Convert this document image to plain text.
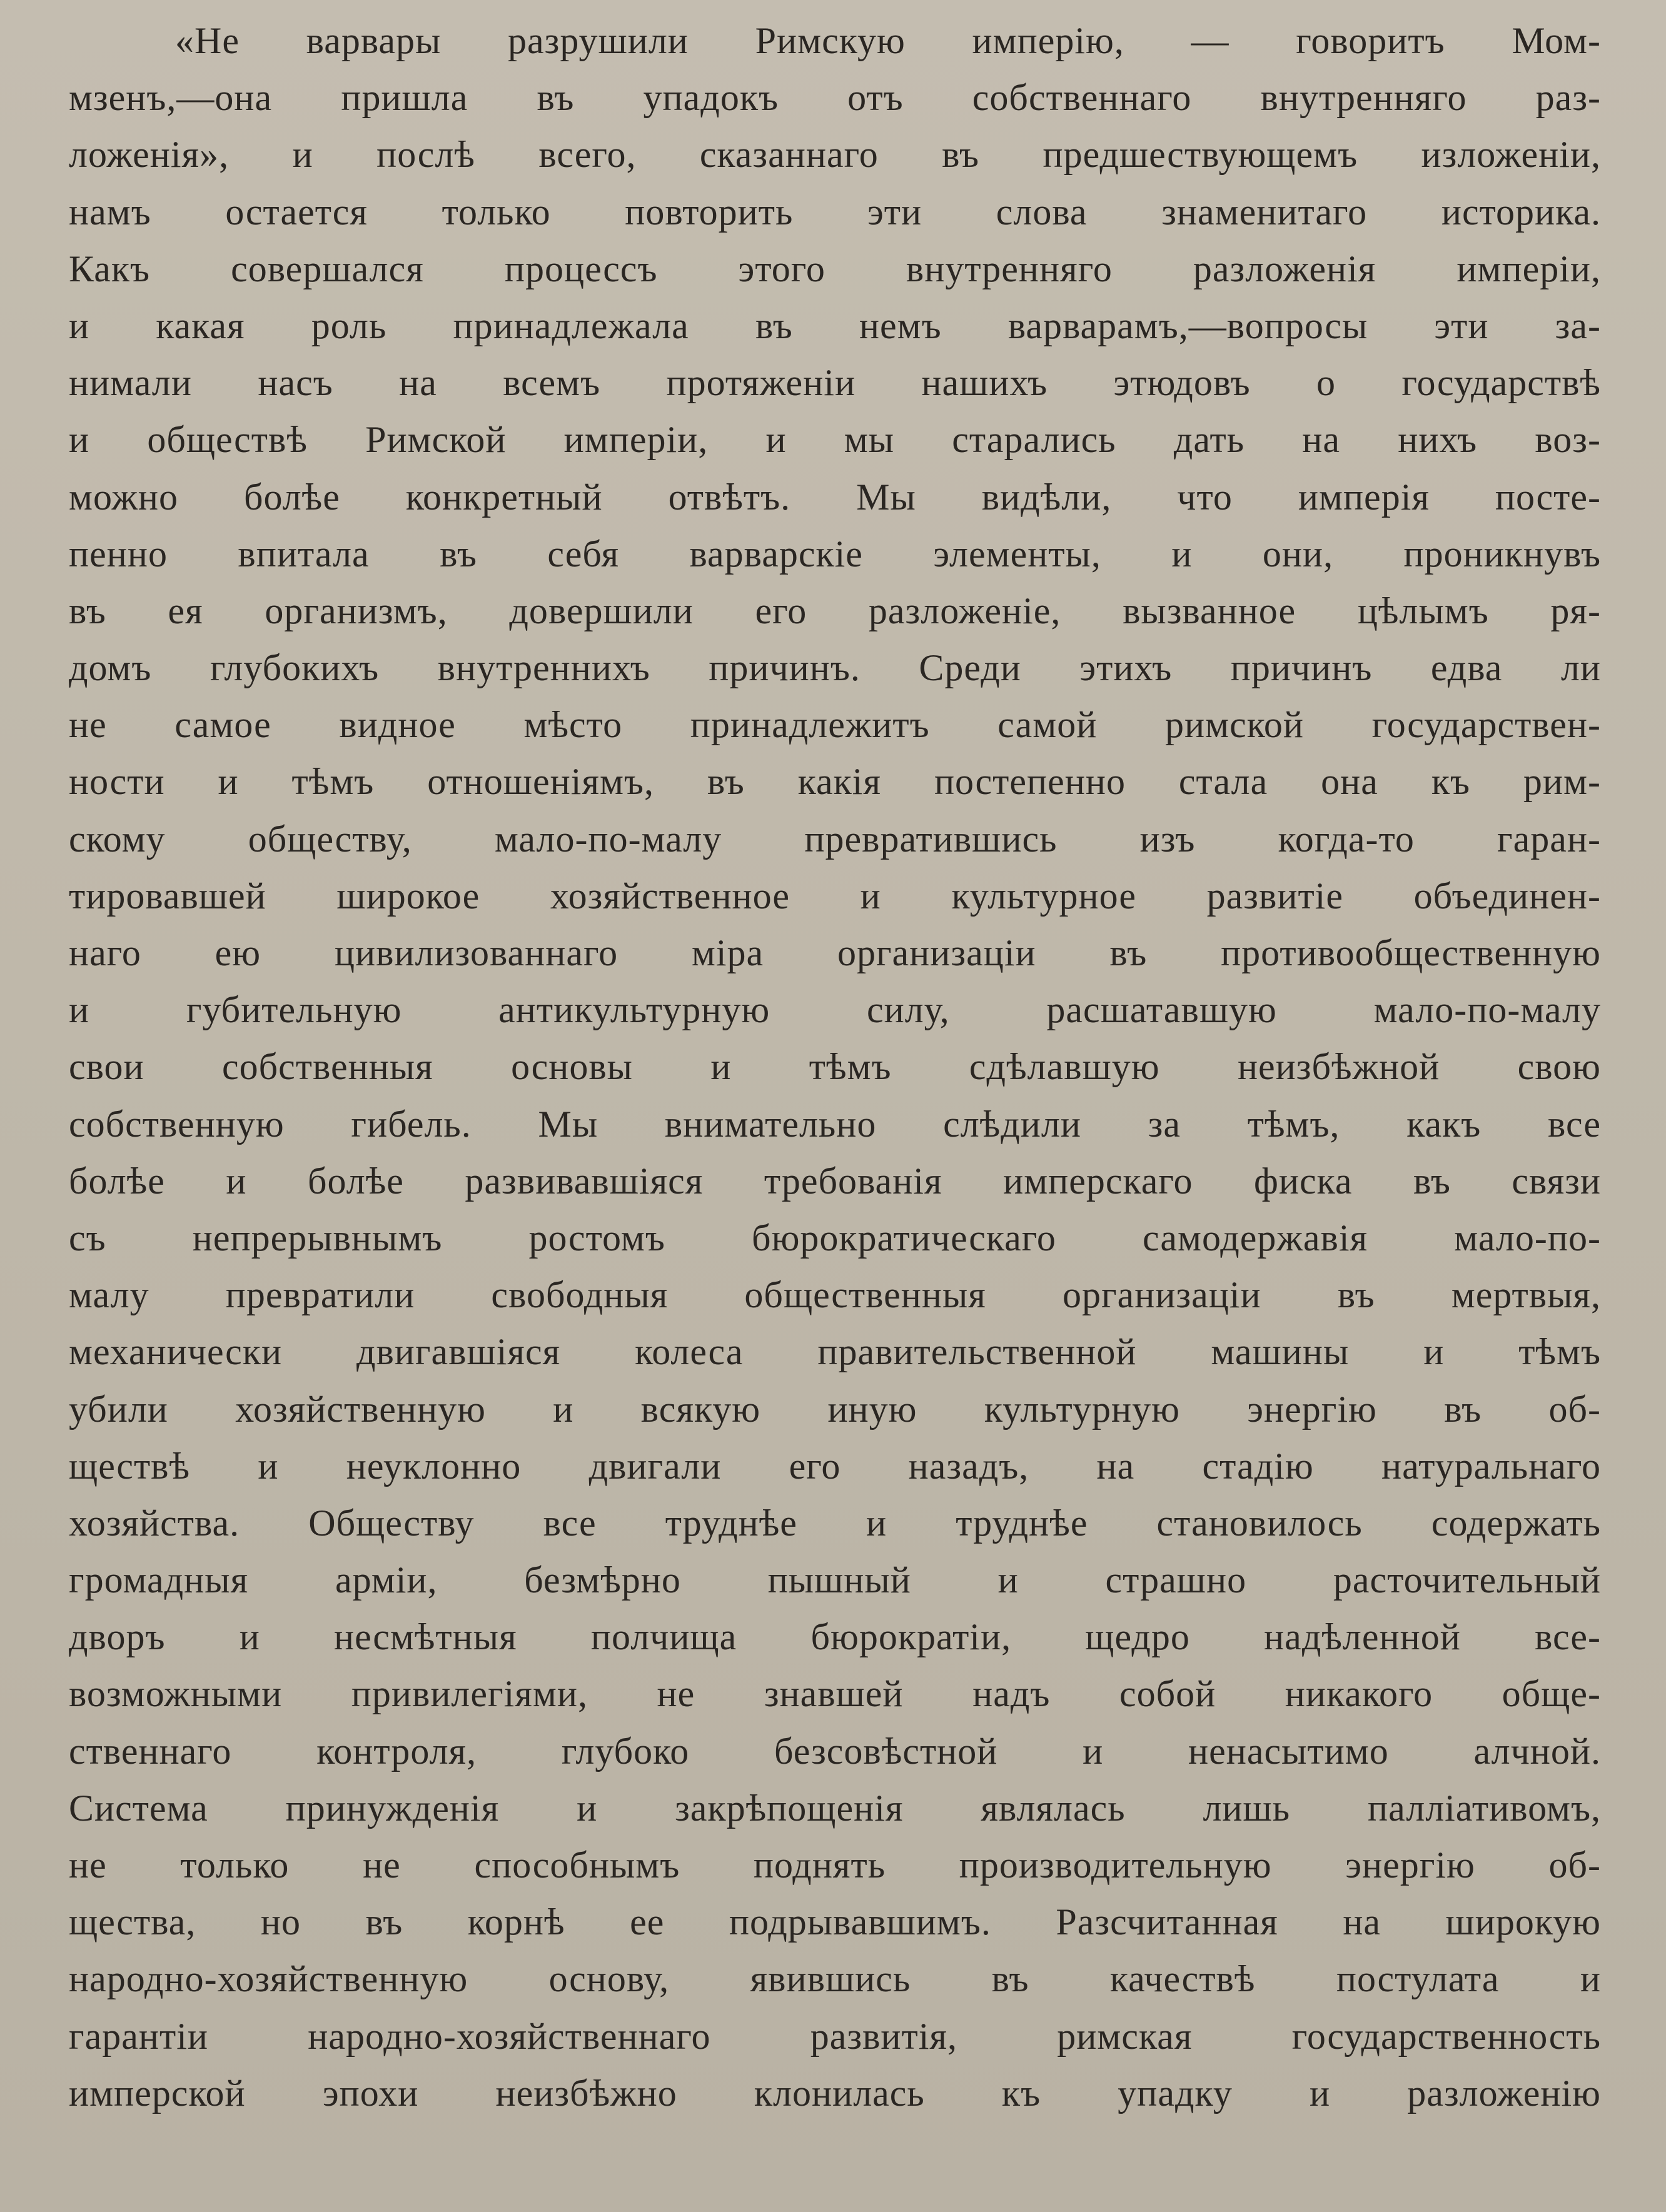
«Не варвары разрушили Римскую имперію, — говоритъ Мом-
мзенъ,—она пришла въ упадокъ отъ собственнаго внутренняго раз-
ложенія», и послѣ всего, сказаннаго въ предшествующемъ изложеніи,
намъ остается только повторить эти слова знаменитаго историка.
Какъ совершался процессъ этого внутренняго разложенія имперіи,
и какая роль принадлежала въ немъ варварамъ,—вопросы эти за-
нимали насъ на всемъ протяженіи нашихъ этюдовъ о государствѣ
и обществѣ Римской имперіи, и мы старались дать на нихъ воз-
можно болѣе конкретный отвѣтъ. Мы видѣли, что имперія посте-
пенно впитала въ себя варварскіе элементы, и они, проникнувъ
въ ея организмъ, довершили его разложеніе, вызванное цѣлымъ ря-
домъ глубокихъ внутреннихъ причинъ. Среди этихъ причинъ едва ли
не самое видное мѣсто принадлежитъ самой римской государствен-
ности и тѣмъ отношеніямъ, въ какія постепенно стала она къ рим-
скому обществу, мало-по-малу превратившись изъ когда-то гаран-
тировавшей широкое хозяйственное и культурное развитіе объединен-
наго ею цивилизованнаго міра организаціи въ противообщественную
и губительную антикультурную силу, расшатавшую мало-по-малу
свои собственныя основы и тѣмъ сдѣлавшую неизбѣжной свою
собственную гибель. Мы внимательно слѣдили за тѣмъ, какъ все
болѣе и болѣе развивавшіяся требованія имперскаго фиска въ связи
съ непрерывнымъ ростомъ бюрократическаго самодержавія мало-по-
малу превратили свободныя общественныя организаціи въ мертвыя,
механически двигавшіяся колеса правительственной машины и тѣмъ
убили хозяйственную и всякую иную культурную энергію въ об-
ществѣ и неуклонно двигали его назадъ, на стадію натуральнаго
хозяйства. Обществу все труднѣе и труднѣе становилось содержать
громадныя арміи, безмѣрно пышный и страшно расточительный
дворъ и несмѣтныя полчища бюрократіи, щедро надѣленной все-
возможными привилегіями, не знавшей надъ собой никакого обще-
ственнаго контроля, глубоко безсовѣстной и ненасытимо алчной.
Система принужденія и закрѣпощенія являлась лишь палліативомъ,
не только не способнымъ поднять производительную энергію об-
щества, но въ корнѣ ее подрывавшимъ. Разсчитанная на широкую
народно-хозяйственную основу, явившись въ качествѣ постулата и
гарантіи народно-хозяйственнаго развитія, римская государственность
имперской эпохи неизбѣжно клонилась къ упадку и разложенію
